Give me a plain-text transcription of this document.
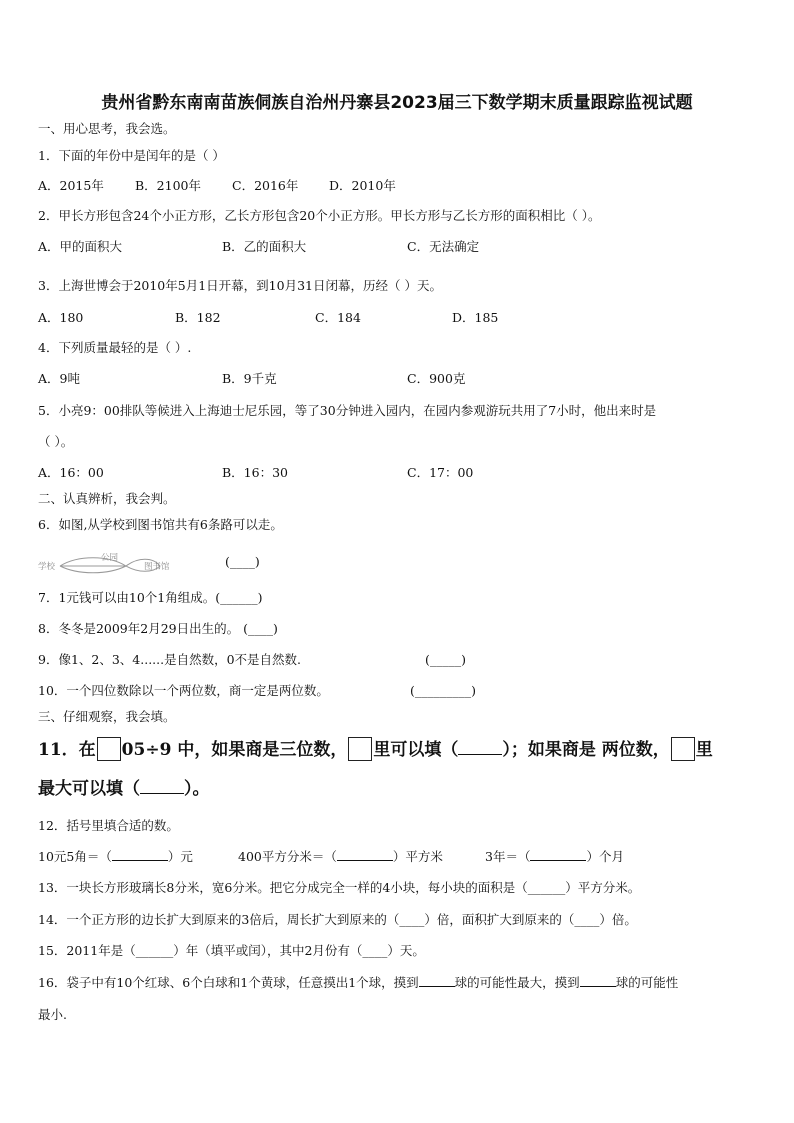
贵州省黔东南南苗族侗族自治州丹寨县2023届三下数学期末质量跟踪监视试题
一、用心思考，我会选。
1．下面的年份中是闰年的是（ ）
A．2015年 B．2100年 C．2016年 D．2010年
2．甲长方形包含24个小正方形，乙长方形包含20个小正方形。甲长方形与乙长方形的面积相比（ ）。
A．甲的面积大	B．乙的面积大	C．无法确定
3．上海世博会于2010年5月1日开幕，到10月31日闭幕，历经（ ）天。
A．180	B．182	C．184	D．185
4．下列质量最轻的是（ ）.
A．9吨	B．9千克	C．900克
5．小亮9：00排队等候进入上海迪士尼乐园，等了30分钟进入园内，在园内参观游玩共用了7小时，他出来时是
（ ）。
A．16：00	B．16：30	C．17：00
二、认真辨析，我会判。
6．如图,从学校到图书馆共有6条路可以走。
学校
公园
图书馆	(____)
7．1元钱可以由10个1角组成。(______)
8．冬冬是2009年2月29日出生的。 (____)
9．像1、2、3、4......是自然数，0不是自然数.	(_____)
10．一个四位数除以一个两位数，商一定是两位数。	(_________)
三、仔细观察，我会填。
11．在 05÷9 中，如果商是三位数， 里可以填（	）；如果商是 两位数， 里
最大可以填（	）。
12．括号里填合适的数。
10元5角＝（	）元	400平方分米＝（	）平方米	3年＝（	）个月
13．一块长方形玻璃长8分米，宽6分米。把它分成完全一样的4小块，每小块的面积是（______）平方分米。
14．一个正方形的边长扩大到原来的3倍后，周长扩大到原来的（____）倍，面积扩大到原来的（____）倍。
15．2011年是（______）年（填平或闰），其中2月份有（____）天。
16．袋子中有10个红球、6个白球和1个黄球，任意摸出1个球，摸到	球的可能性最大，摸到	球的可能性
最小.
